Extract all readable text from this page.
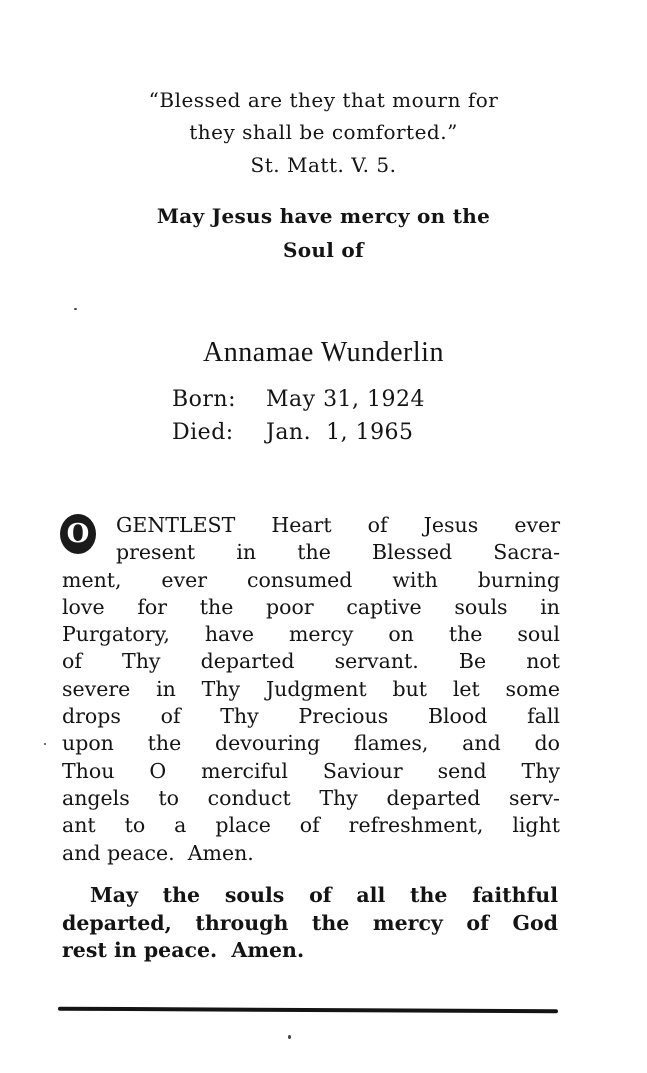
“Blessed are they that mourn for
they shall be comforted.”
St. Matt. V. 5.
May Jesus have mercy on the
Soul of
Annamae Wunderlin
Born: May 31, 1924
Died: Jan.  1, 1965
O	GENTLEST Heart of Jesus ever
present in the Blessed Sacra-
ment, ever consumed with burning
love for the poor captive souls in
Purgatory, have mercy on the soul
of Thy departed servant. Be not
severe in Thy Judgment but let some
drops of Thy Precious Blood fall
upon the devouring flames, and do
Thou O merciful Saviour send Thy
angels to conduct Thy departed serv-
ant to a place of refreshment, light
and peace.  Amen.
May the souls of all the faithful
departed, through the mercy of God
rest in peace.  Amen.
